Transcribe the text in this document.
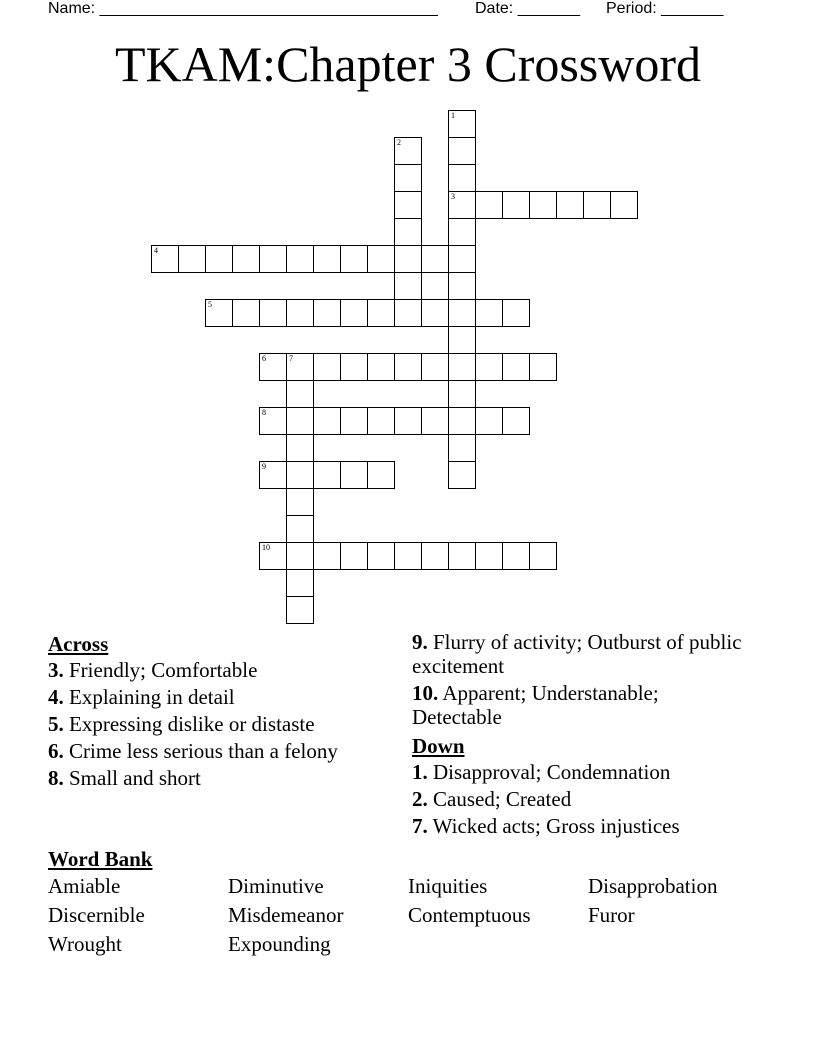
Name: ______________________________________

Date: _______

Period: _______

TKAM:Chapter 3 Crossword
3
4
5
6	7
8
9
10
1
2
Across
3. Friendly; Comfortable
4. Explaining in detail
5. Expressing dislike or distaste
6. Crime less serious than a felony
8. Small and short
9. Flurry of activity; Outburst of public excitement
10. Apparent; Understanable; Detectable
Down
1. Disapproval; Condemnation
2. Caused; Created
7. Wicked acts; Gross injustices
Word Bank
Amiable	Diminutive	Iniquities	Disapprobation
Discernible	Misdemeanor	Contemptuous	Furor
Wrought	Expounding
